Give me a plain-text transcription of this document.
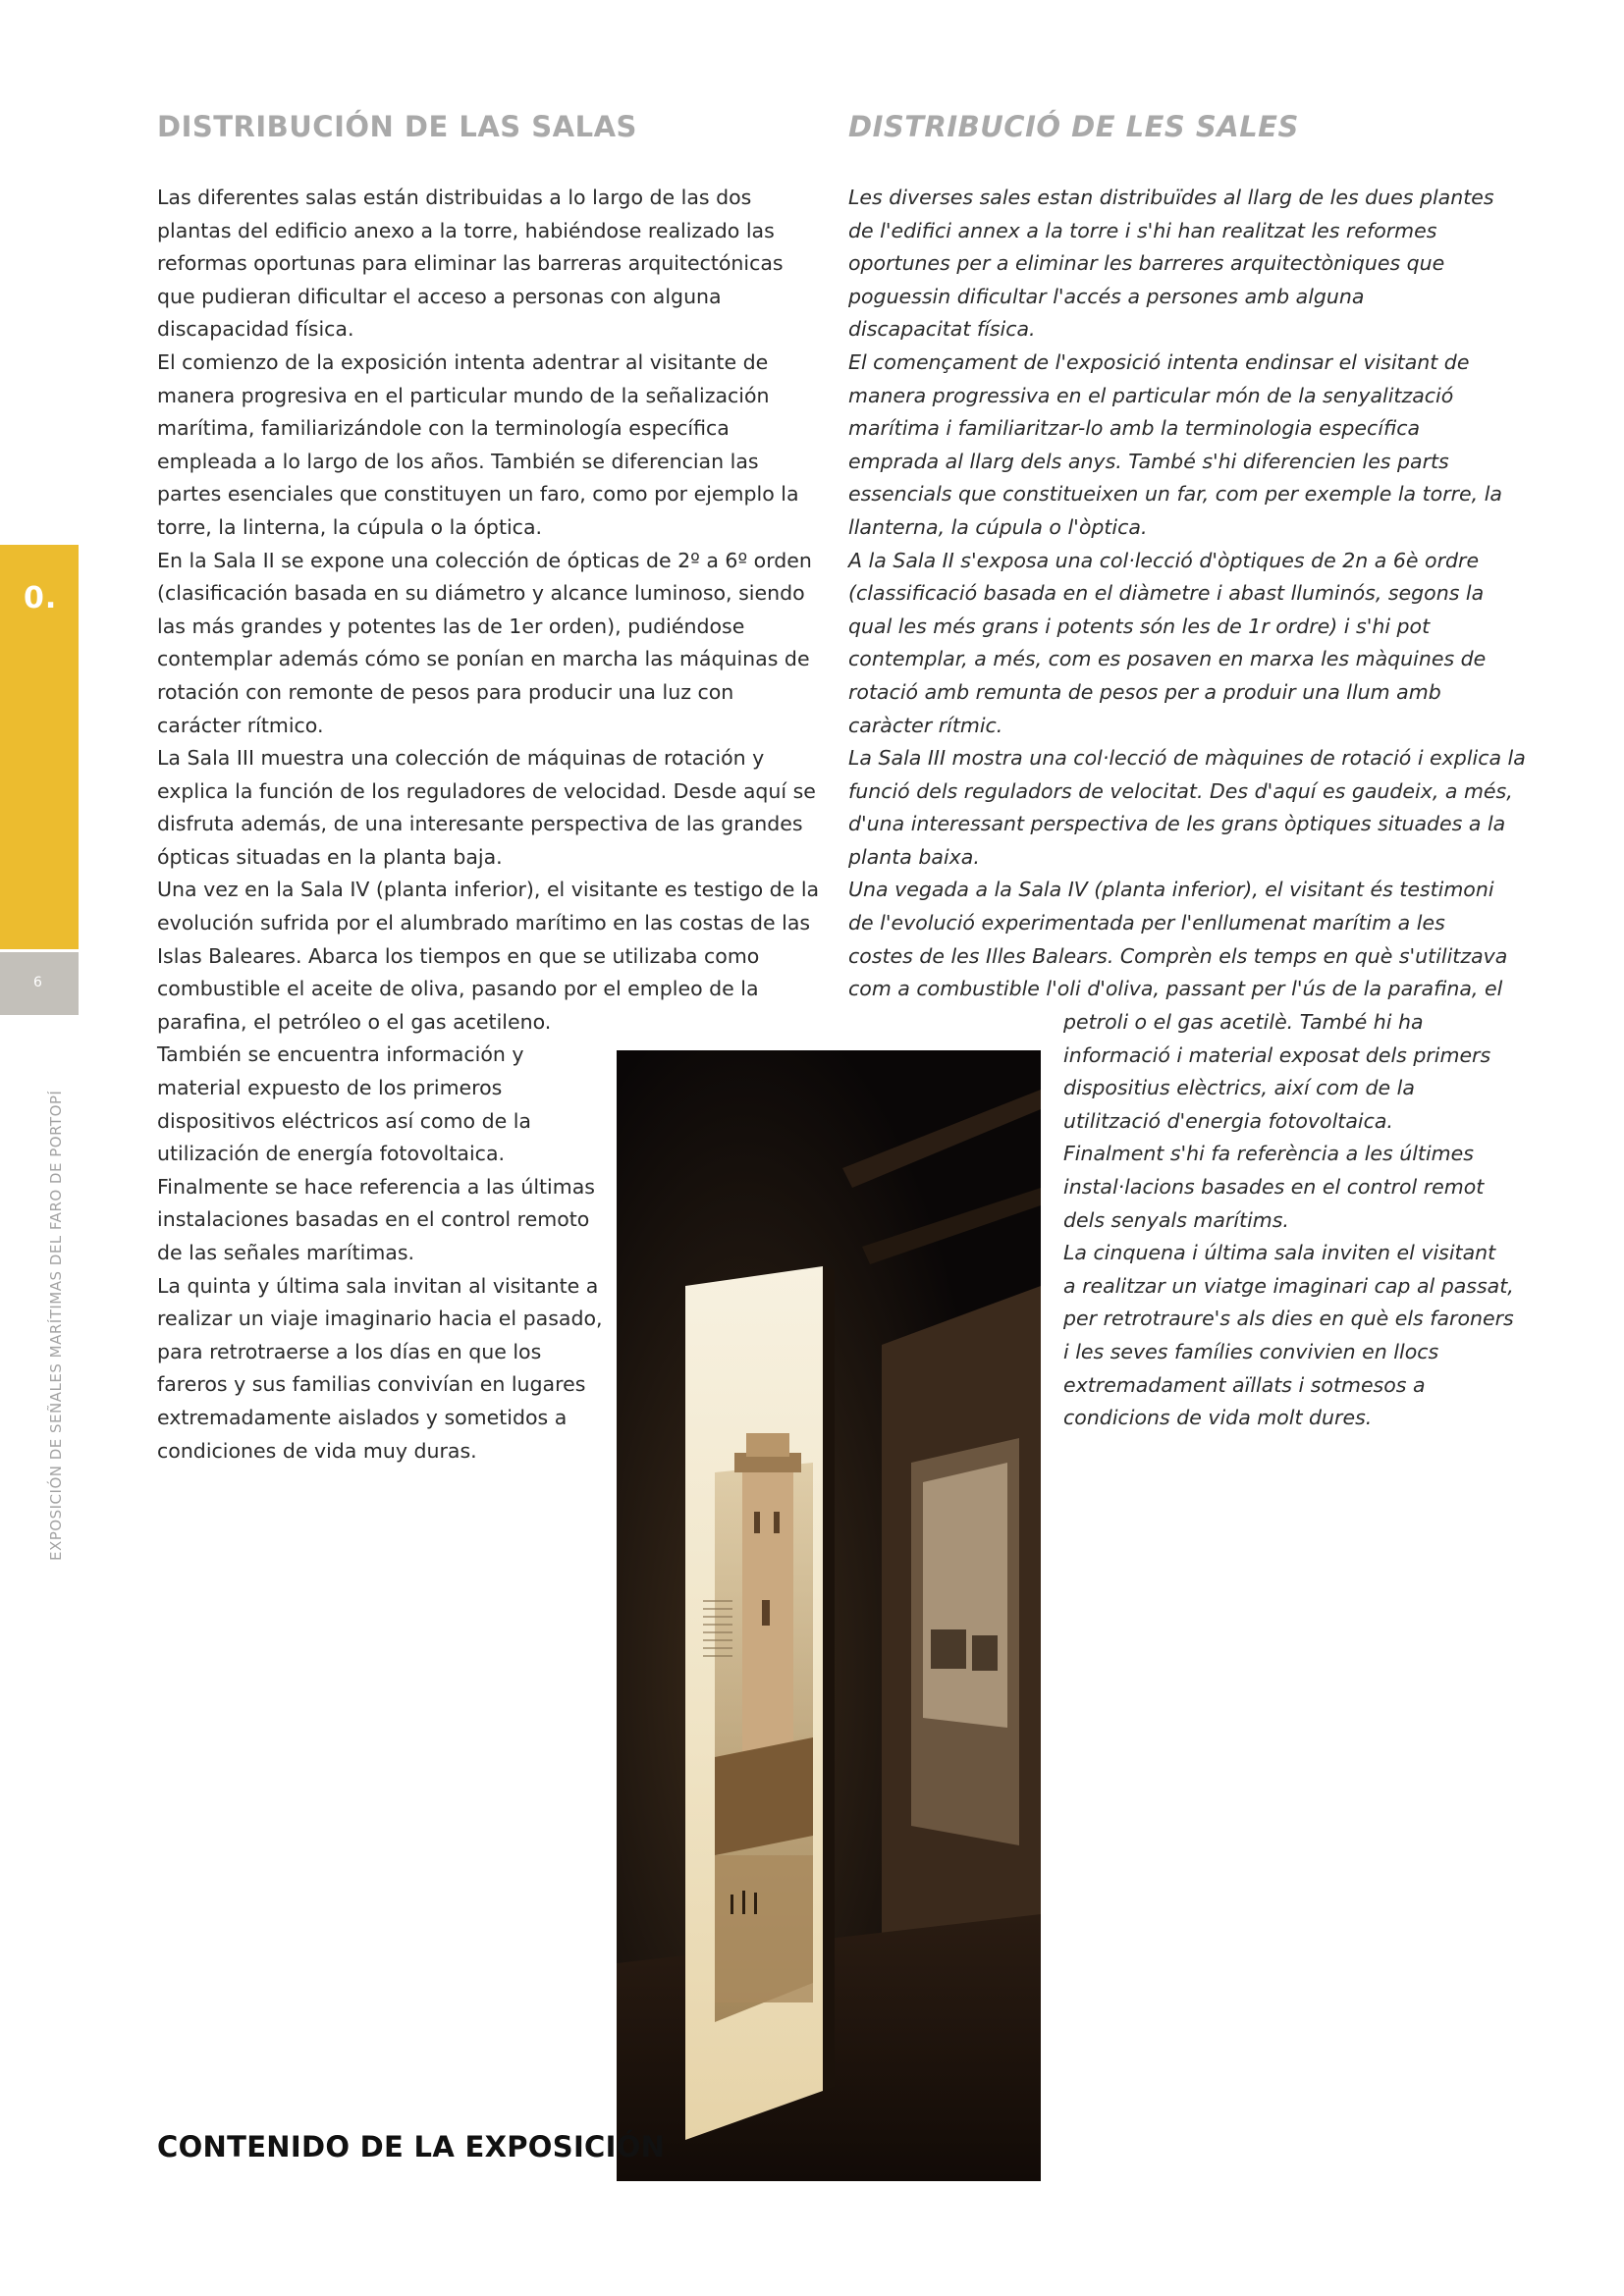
0.
6
EXPOSICIÓN DE SEÑALES MARÍTIMAS DEL FARO DE PORTOPÍ
DISTRIBUCIÓN DE LAS SALAS	DISTRIBUCIÓ DE LES SALES
Las diferentes salas están distribuidas a lo largo de las dos
plantas del edificio anexo a la torre, habiéndose realizado las
reformas oportunas para eliminar las barreras arquitectónicas
que pudieran dificultar el acceso a personas con alguna
discapacidad física.
El comienzo de la exposición intenta adentrar al visitante de
manera progresiva en el particular mundo de la señalización
marítima, familiarizándole con la terminología específica
empleada a lo largo de los años. También se diferencian las
partes esenciales que constituyen un faro, como por ejemplo la
torre, la linterna, la cúpula o la óptica.
En la Sala II se expone una colección de ópticas de 2º a 6º orden
(clasificación basada en su diámetro y alcance luminoso, siendo
las más grandes y potentes las de 1er orden), pudiéndose
contemplar además cómo se ponían en marcha las máquinas de
rotación con remonte de pesos para producir una luz con
carácter rítmico.
La Sala III muestra una colección de máquinas de rotación y
explica la función de los reguladores de velocidad. Desde aquí se
disfruta además, de una interesante perspectiva de las grandes
ópticas situadas en la planta baja.
Una vez en la Sala IV (planta inferior), el visitante es testigo de la
evolución sufrida por el alumbrado marítimo en las costas de las
Islas Baleares. Abarca los tiempos en que se utilizaba como
combustible el aceite de oliva, pasando por el empleo de la
parafina, el petróleo o el gas acetileno.
También se encuentra información y
material expuesto de los primeros
dispositivos eléctricos así como de la
utilización de energía fotovoltaica.
Finalmente se hace referencia a las últimas
instalaciones basadas en el control remoto
de las señales marítimas.
La quinta y última sala invitan al visitante a
realizar un viaje imaginario hacia el pasado,
para retrotraerse a los días en que los
fareros y sus familias convivían en lugares
extremadamente aislados y sometidos a
condiciones de vida muy duras.
Les diverses sales estan distribuïdes al llarg de les dues plantes
de l'edifici annex a la torre i s'hi han realitzat les reformes
oportunes per a eliminar les barreres arquitectòniques que
poguessin dificultar l'accés a persones amb alguna
discapacitat física.
El començament de l'exposició intenta endinsar el visitant de
manera progressiva en el particular món de la senyalització
marítima i familiaritzar-lo amb la terminologia específica
emprada al llarg dels anys. També s'hi diferencien les parts
essencials que constitueixen un far, com per exemple la torre, la
llanterna, la cúpula o l'òptica.
A la Sala II s'exposa una col·lecció d'òptiques de 2n a 6è ordre
(classificació basada en el diàmetre i abast lluminós, segons la
qual les més grans i potents són les de 1r ordre) i s'hi pot
contemplar, a més, com es posaven en marxa les màquines de
rotació amb remunta de pesos per a produir una llum amb
caràcter rítmic.
La Sala III mostra una col·lecció de màquines de rotació i explica la
funció dels reguladors de velocitat. Des d'aquí es gaudeix, a més,
d'una interessant perspectiva de les grans òptiques situades a la
planta baixa.
Una vegada a la Sala IV (planta inferior), el visitant és testimoni
de l'evolució experimentada per l'enllumenat marítim a les
costes de les Illes Balears. Comprèn els temps en què s'utilitzava
com a combustible l'oli d'oliva, passant per l'ús de la parafina, el
petroli o el gas acetilè. També hi ha
informació i material exposat dels primers
dispositius elèctrics, així com de la
utilització d'energia fotovoltaica.
Finalment s'hi fa referència a les últimes
instal·lacions basades en el control remot
dels senyals marítims.
La cinquena i última sala inviten el visitant
a realitzar un viatge imaginari cap al passat,
per retrotraure's als dies en què els faroners
i les seves famílies convivien en llocs
extremadament aïllats i sotmesos a
condicions de vida molt dures.
CONTENIDO DE LA EXPOSICIÓN
